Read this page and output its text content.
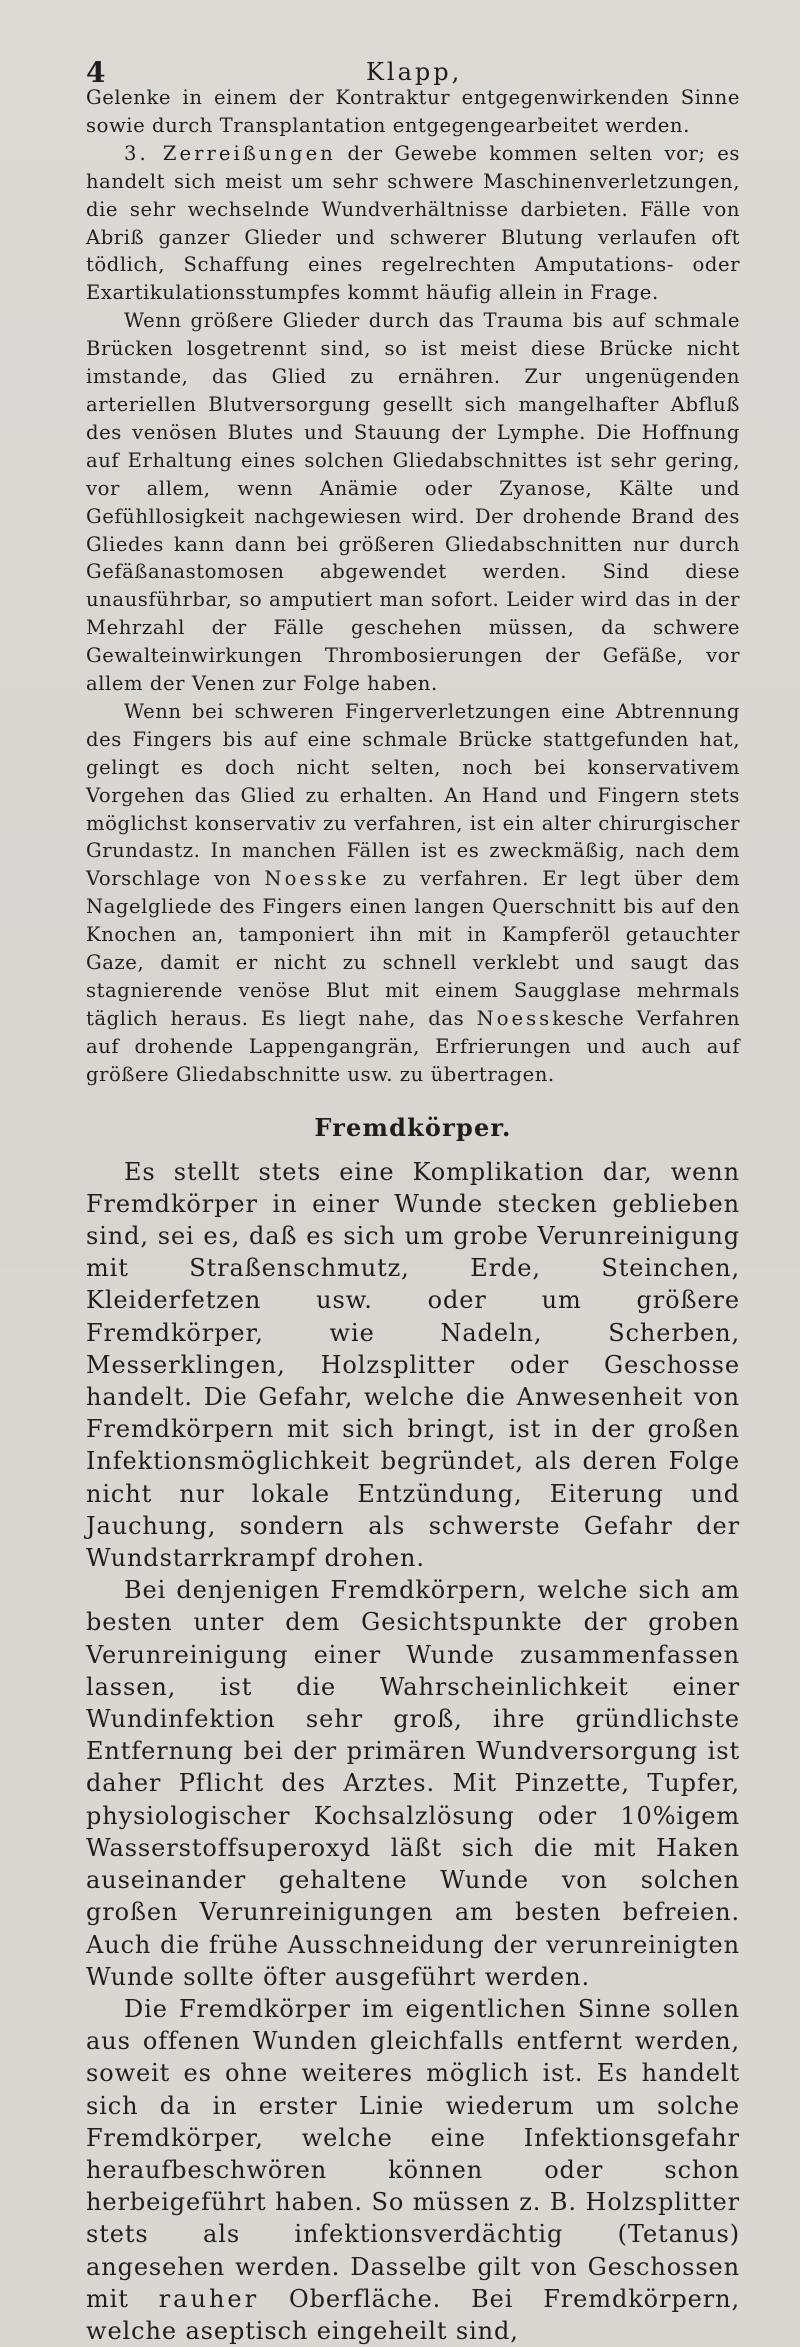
4	Klapp,

Gelenke in einem der Kontraktur entgegenwirkenden Sinne sowie durch Transplantation entgegengearbeitet werden.

3. Zerreißungen der Gewebe kommen selten vor; es handelt sich meist um sehr schwere Maschinenverletzungen, die sehr wechselnde Wundverhältnisse darbieten. Fälle von Abriß ganzer Glieder und schwerer Blutung verlaufen oft tödlich, Schaffung eines regelrechten Amputations- oder Exartikulationsstumpfes kommt häufig allein in Frage.

Wenn größere Glieder durch das Trauma bis auf schmale Brücken losgetrennt sind, so ist meist diese Brücke nicht imstande, das Glied zu ernähren. Zur ungenügenden arteriellen Blutversorgung gesellt sich mangelhafter Abfluß des venösen Blutes und Stauung der Lymphe. Die Hoffnung auf Erhaltung eines solchen Gliedabschnittes ist sehr gering, vor allem, wenn Anämie oder Zyanose, Kälte und Gefühllosigkeit nachgewiesen wird. Der drohende Brand des Gliedes kann dann bei größeren Gliedabschnitten nur durch Gefäßanastomosen abgewendet werden. Sind diese unausführbar, so amputiert man sofort. Leider wird das in der Mehrzahl der Fälle geschehen müssen, da schwere Gewalteinwirkungen Thrombosierungen der Gefäße, vor allem der Venen zur Folge haben.

Wenn bei schweren Fingerverletzungen eine Abtrennung des Fingers bis auf eine schmale Brücke stattgefunden hat, gelingt es doch nicht selten, noch bei konservativem Vorgehen das Glied zu erhalten. An Hand und Fingern stets möglichst konservativ zu verfahren, ist ein alter chirurgischer Grundastz. In manchen Fällen ist es zweckmäßig, nach dem Vorschlage von Noesske zu verfahren. Er legt über dem Nagelgliede des Fingers einen langen Querschnitt bis auf den Knochen an, tamponiert ihn mit in Kampferöl getauchter Gaze, damit er nicht zu schnell verklebt und saugt das stagnierende venöse Blut mit einem Saugglase mehrmals täglich heraus. Es liegt nahe, das Noesskesche Verfahren auf drohende Lappengangrän, Erfrierungen und auch auf größere Gliedabschnitte usw. zu übertragen.

Fremdkörper.

Es stellt stets eine Komplikation dar, wenn Fremdkörper in einer Wunde stecken geblieben sind, sei es, daß es sich um grobe Verunreinigung mit Straßenschmutz, Erde, Steinchen, Kleiderfetzen usw. oder um größere Fremdkörper, wie Nadeln, Scherben, Messerklingen, Holzsplitter oder Geschosse handelt. Die Gefahr, welche die Anwesenheit von Fremdkörpern mit sich bringt, ist in der großen Infektionsmöglichkeit begründet, als deren Folge nicht nur lokale Entzündung, Eiterung und Jauchung, sondern als schwerste Gefahr der Wundstarrkrampf drohen.

Bei denjenigen Fremdkörpern, welche sich am besten unter dem Gesichtspunkte der groben Verunreinigung einer Wunde zusammenfassen lassen, ist die Wahrscheinlichkeit einer Wundinfektion sehr groß, ihre gründlichste Entfernung bei der primären Wundversorgung ist daher Pflicht des Arztes. Mit Pinzette, Tupfer, physiologischer Kochsalzlösung oder 10%igem Wasserstoffsuperoxyd läßt sich die mit Haken auseinander gehaltene Wunde von solchen großen Verunreinigungen am besten befreien. Auch die frühe Ausschneidung der verunreinigten Wunde sollte öfter ausgeführt werden.

Die Fremdkörper im eigentlichen Sinne sollen aus offenen Wunden gleichfalls entfernt werden, soweit es ohne weiteres möglich ist. Es handelt sich da in erster Linie wiederum um solche Fremdkörper, welche eine Infektionsgefahr heraufbeschwören können oder schon herbeigeführt haben. So müssen z. B. Holzsplitter stets als infektionsverdächtig (Tetanus) angesehen werden. Dasselbe gilt von Geschossen mit rauher Oberfläche. Bei Fremdkörpern, welche aseptisch eingeheilt sind,
